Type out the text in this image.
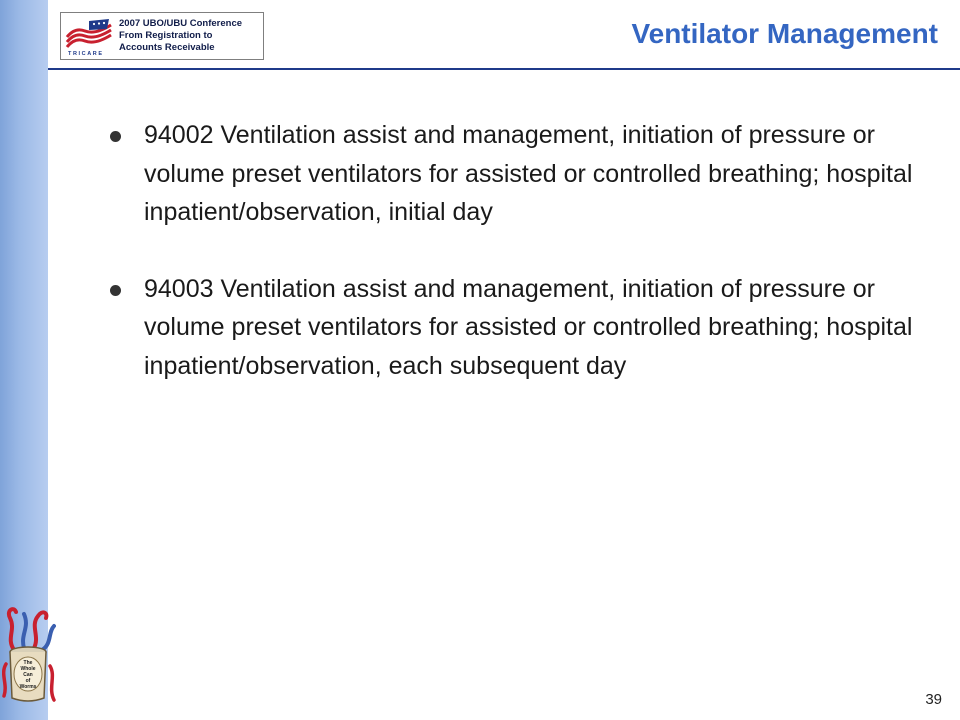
TRICARE
2007 UBO/UBU Conference
From Registration to
Accounts Receivable	Ventilator Management
94002 Ventilation assist and management, initiation of pressure or volume preset ventilators for assisted or controlled breathing; hospital inpatient/observation, initial day
94003 Ventilation assist and management, initiation of pressure or volume preset ventilators for assisted or controlled breathing; hospital inpatient/observation, each subsequent day
The
Whole
Can
of
Worms
39
